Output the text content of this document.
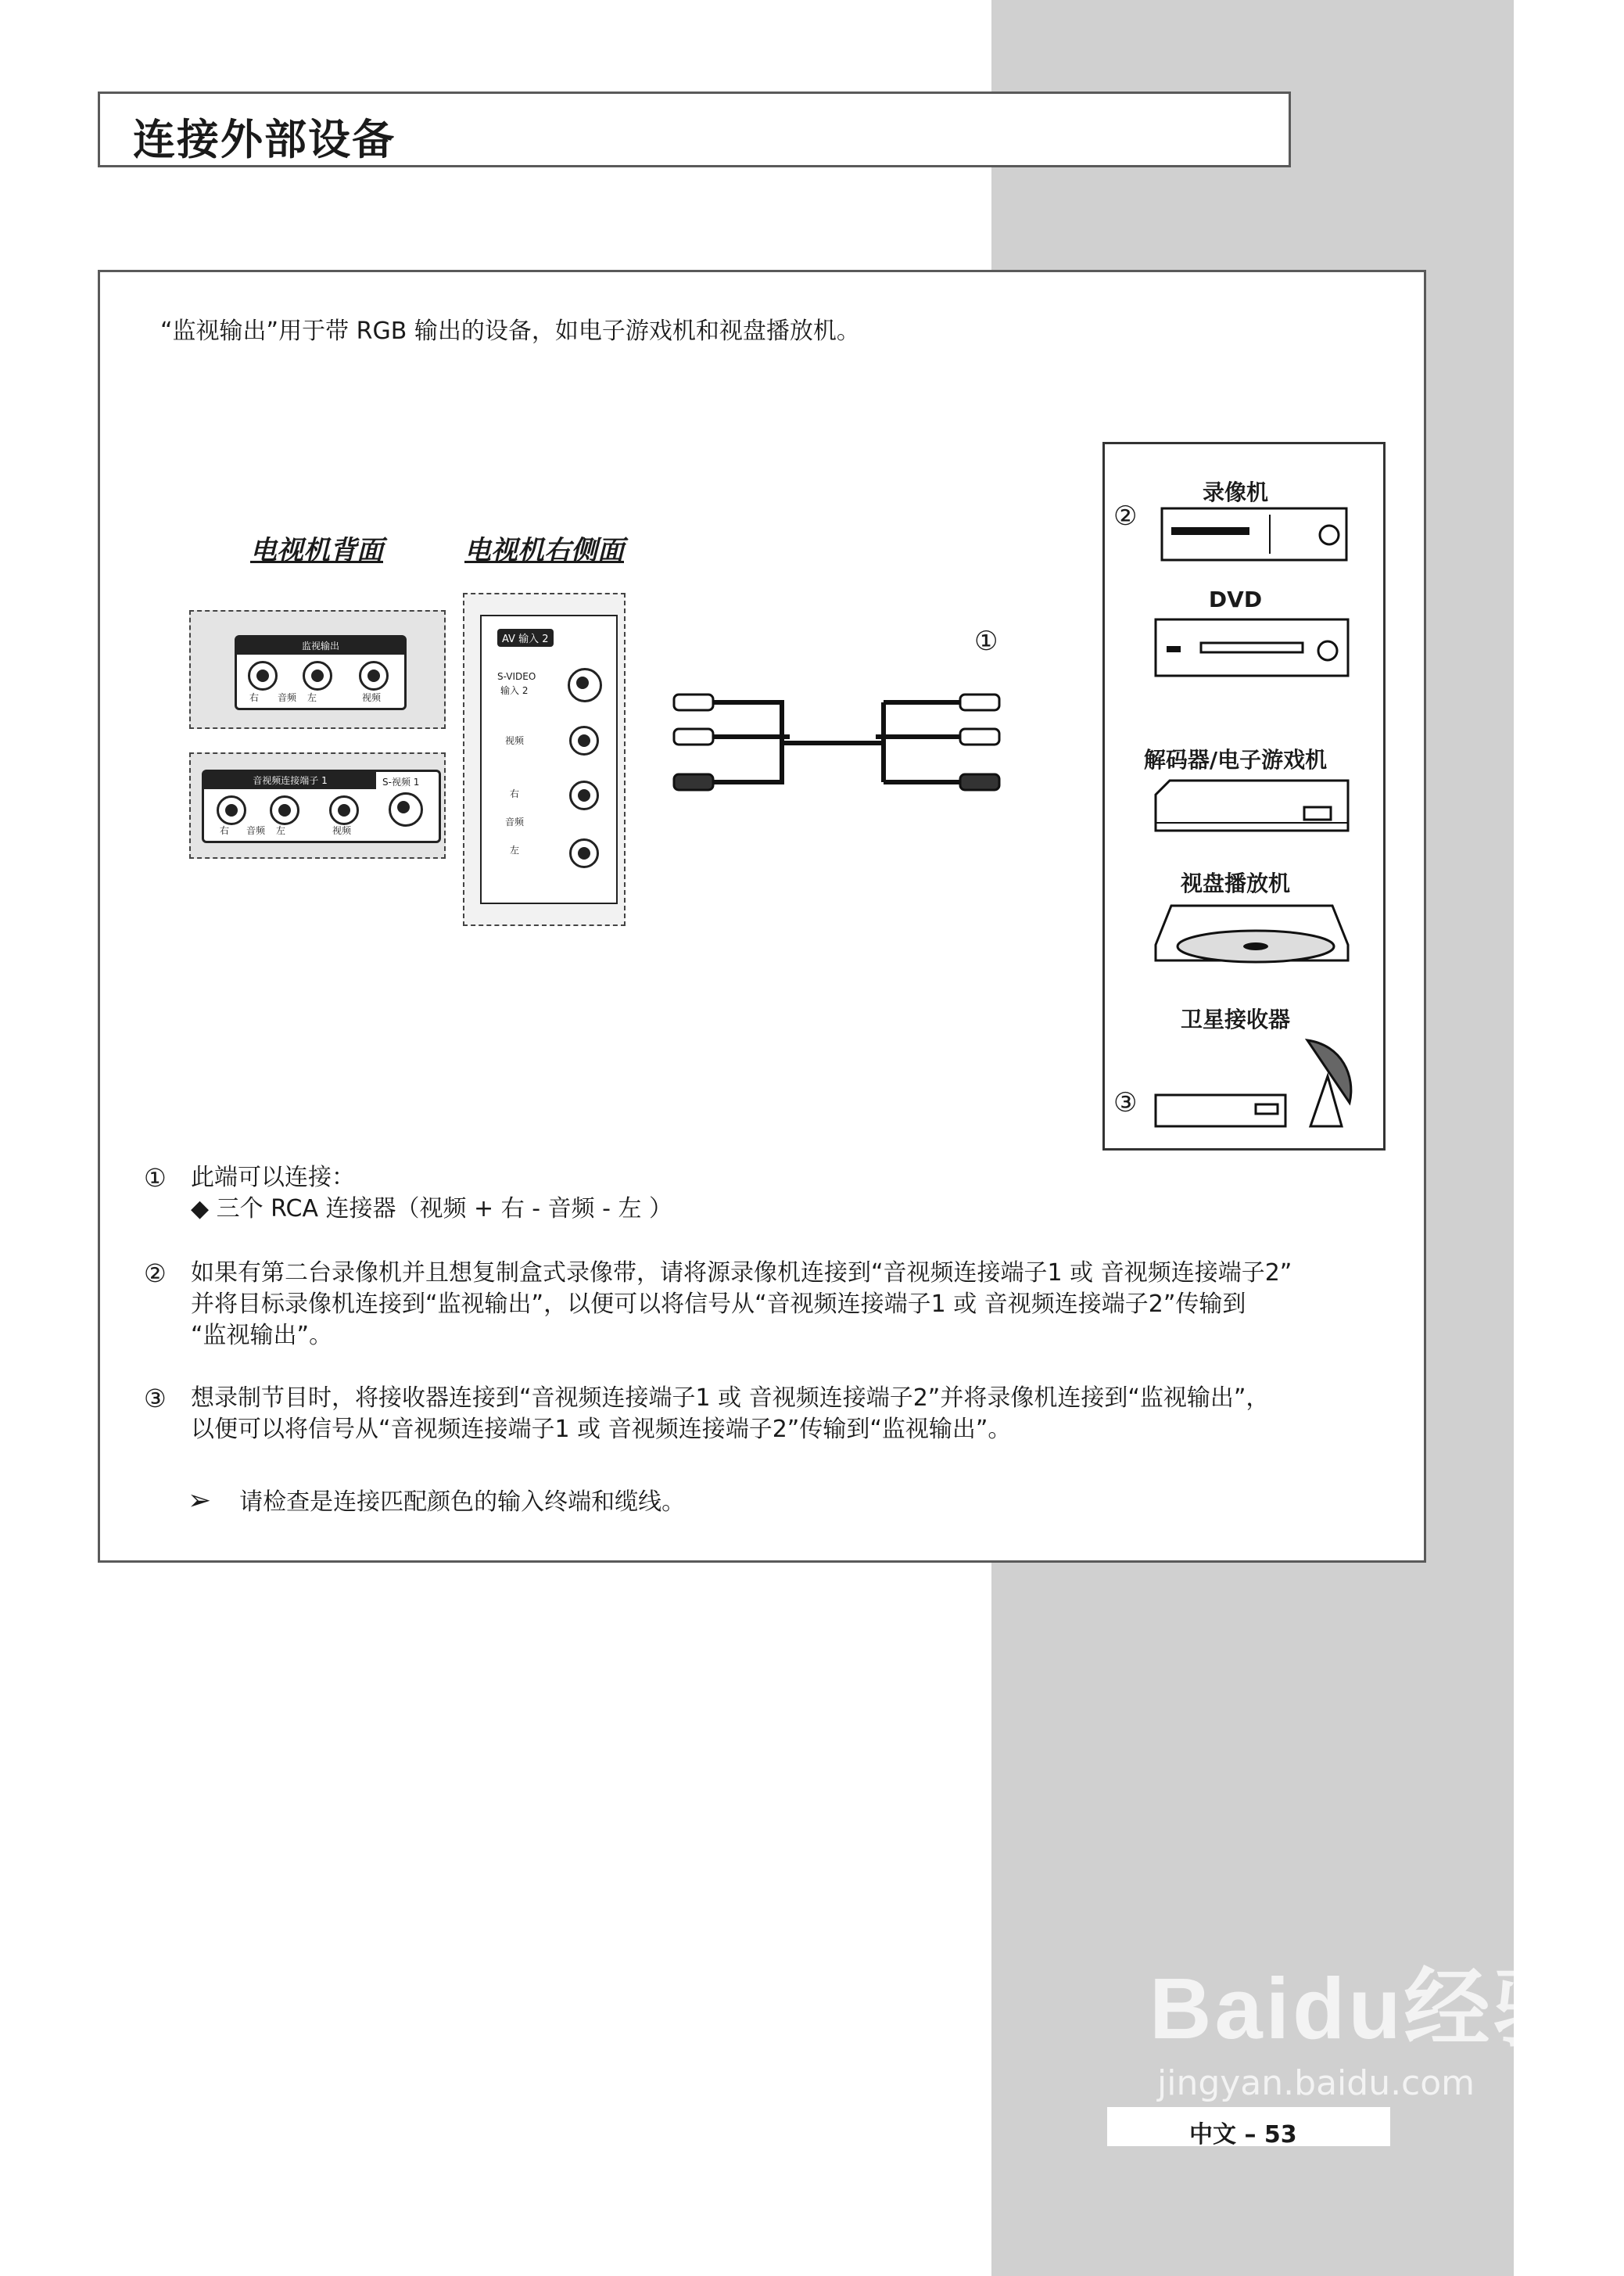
连接外部设备
“监视输出”用于带 RGB 输出的设备，如电子游戏机和视盘播放机。
电视机背面	电视机右侧面
监视输出
右 音频 左	视频
音视频连接端子 1	S-视频 1
右 音频 左	视频
AV 输入 2
S-VIDEO
输入 2
视频
右
音频
左
①
②
③
录像机
DVD
解码器/电子游戏机
视盘播放机
卫星接收器
① 此端可以连接：
◆ 三个 RCA 连接器（视频 + 右 - 音频 - 左 ）
② 如果有第二台录像机并且想复制盒式录像带，请将源录像机连接到“音视频连接端子1 或 音视频连接端子2”
并将目标录像机连接到“监视输出”，以便可以将信号从“音视频连接端子1 或 音视频连接端子2”传输到
“监视输出”。
③ 想录制节目时，将接收器连接到“音视频连接端子1 或 音视频连接端子2”并将录像机连接到“监视输出”，
以便可以将信号从“音视频连接端子1 或 音视频连接端子2”传输到“监视输出”。
➢ 请检查是连接匹配颜色的输入终端和缆线。
Baidu经验
jingyan.baidu.com
中文 – 53
